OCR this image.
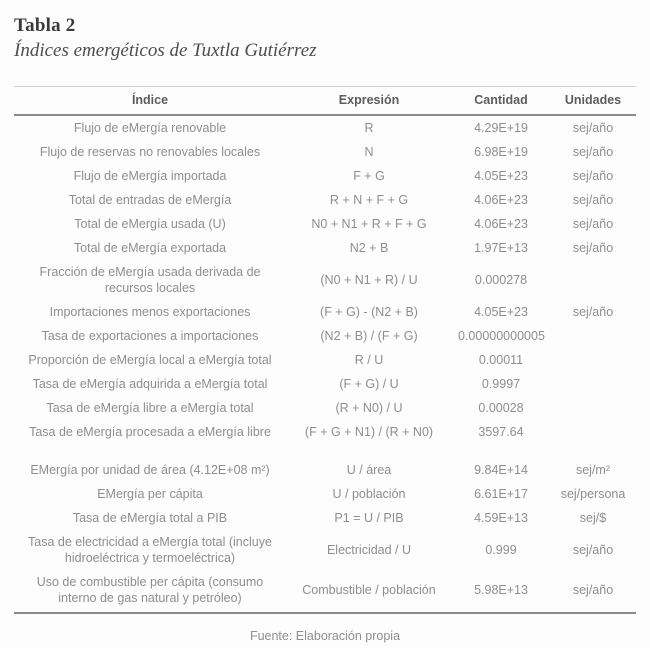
Tabla 2
Índices emergéticos de Tuxtla Gutiérrez
Índice	Expresión	Cantidad	Unidades
Flujo de eMergía renovable	R	4.29E+19	sej/año
Flujo de reservas no renovables locales	N	6.98E+19	sej/año
Flujo de eMergía importada	F + G	4.05E+23	sej/año
Total de entradas de eMergía	R + N + F + G	4.06E+23	sej/año
Total de eMergía usada (U)	N0 + N1 + R + F + G	4.06E+23	sej/año
Total de eMergía exportada	N2 + B	1.97E+13	sej/año
Fracción de eMergía usada derivada de recursos locales	(N0 + N1 + R) / U	0.000278	
Importaciones menos exportaciones	(F + G) - (N2 + B)	4.05E+23	sej/año
Tasa de exportaciones a importaciones	(N2 + B) / (F + G)	0.00000000005	
Proporción de eMergía local a eMergía total	R / U	0.00011	
Tasa de eMergía adquirida a eMergía total	(F + G) / U	0.9997	
Tasa de eMergía libre a eMergía total	(R + N0) / U	0.00028	
Tasa de eMergía procesada a eMergía libre	(F + G + N1) / (R + N0)	3597.64	

EMergía por unidad de área (4.12E+08 m²)	U / área	9.84E+14	sej/m²
EMergía per cápita	U / población	6.61E+17	sej/persona
Tasa de eMergía total a PIB	P1 = U / PIB	4.59E+13	sej/$
Tasa de electricidad a eMergía total (incluye hidroeléctrica y termoeléctrica)	Electricidad / U	0.999	sej/año
Uso de combustible per cápita (consumo interno de gas natural y petróleo)	Combustible / población	5.98E+13	sej/año
Fuente: Elaboración propia
